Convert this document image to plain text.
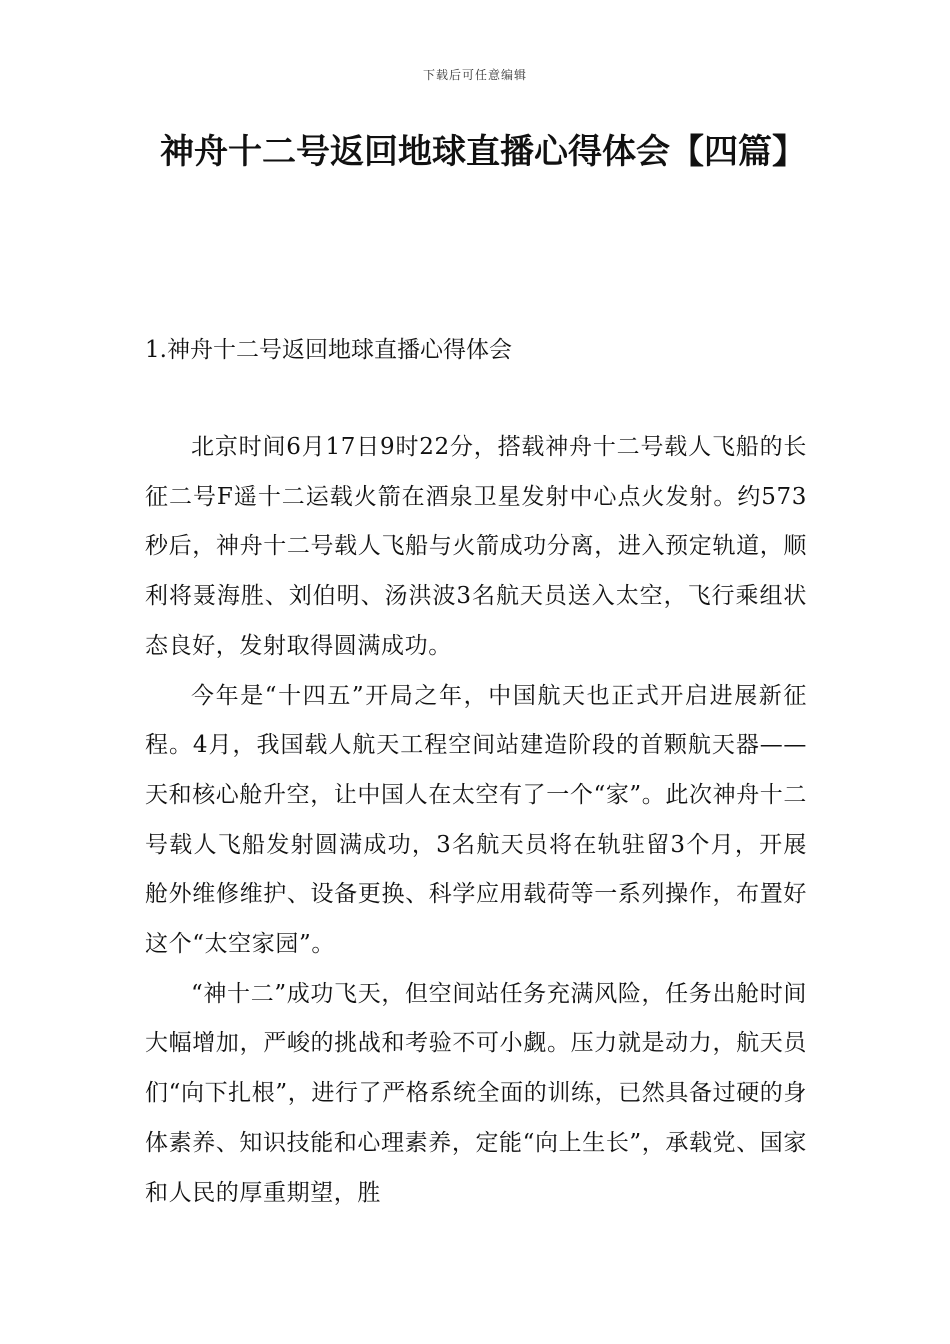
下载后可任意编辑
神舟十二号返回地球直播心得体会【四篇】
1.神舟十二号返回地球直播心得体会

北京时间6月17日9时22分，搭载神舟十二号载人飞船的长征二号F遥十二运载火箭在酒泉卫星发射中心点火发射。约573秒后，神舟十二号载人飞船与火箭成功分离，进入预定轨道，顺利将聂海胜、刘伯明、汤洪波3名航天员送入太空，飞行乘组状态良好，发射取得圆满成功。

今年是“十四五”开局之年，中国航天也正式开启进展新征程。4月，我国载人航天工程空间站建造阶段的首颗航天器——天和核心舱升空，让中国人在太空有了一个“家”。此次神舟十二号载人飞船发射圆满成功，3名航天员将在轨驻留3个月，开展舱外维修维护、设备更换、科学应用载荷等一系列操作，布置好这个“太空家园”。

“神十二”成功飞天，但空间站任务充满风险，任务出舱时间大幅增加，严峻的挑战和考验不可小觑。压力就是动力，航天员们“向下扎根”，进行了严格系统全面的训练，已然具备过硬的身体素养、知识技能和心理素养，定能“向上生长”，承载党、国家和人民的厚重期望，胜
